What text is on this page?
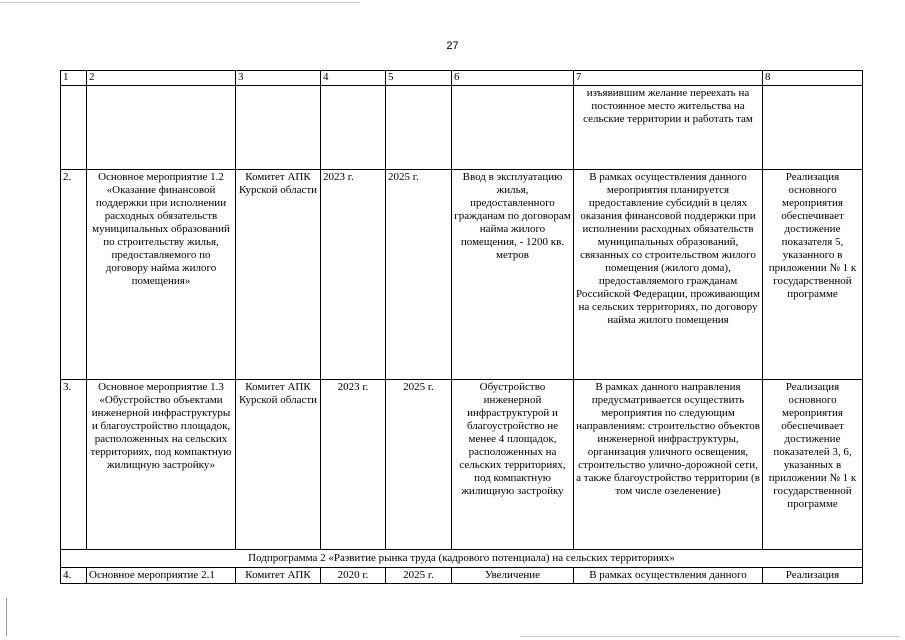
27
1	2	3	4	5	6	7	8
						изъявившим желание переехать на постоянное место жительства на сельские территории и работать там	
2.	Основное мероприятие 1.2 «Оказание финансовой поддержки при исполнении расходных обязательств муниципальных образований по строительству жилья, предоставляемого по договору найма жилого помещения»	Комитет АПК Курской области	2023 г.	2025 г.	Ввод в эксплуатацию жилья, предоставленного гражданам по договорам найма жилого помещения, - 1200 кв. метров	В рамках осуществления данного мероприятия планируется предоставление субсидий в целях оказания финансовой поддержки при исполнении расходных обязательств муниципальных образований, связанных со строительством жилого помещения (жилого дома), предоставляемого гражданам Российской Федерации, проживающим на сельских территориях, по договору найма жилого помещения	Реализация основного мероприятия обеспечивает достижение показателя 5, указанного в приложении № 1 к государственной программе
3.	Основное мероприятие 1.3 «Обустройство объектами инженерной инфраструктуры и благоустройство площадок, расположенных на сельских территориях, под компактную жилищную застройку»	Комитет АПК Курской области	2023 г.	2025 г.	Обустройство инженерной инфраструктурой и благоустройство не менее 4 площадок, расположенных на сельских территориях, под компактную жилищную застройку	В рамках данного направления предусматривается осуществить мероприятия по следующим направлениям: строительство объектов инженерной инфраструктуры, организация уличного освещения, строительство улично-дорожной сети, а также благоустройство территории (в том числе озеленение)	Реализация основного мероприятия обеспечивает достижение показателей 3, 6, указанных в приложении № 1 к государственной программе
Подпрограмма 2 «Развитие рынка труда (кадрового потенциала) на сельских территориях»							
4.	Основное мероприятие 2.1	Комитет АПК	2020 г.	2025 г.	Увеличение	В рамках осуществления данного	Реализация
